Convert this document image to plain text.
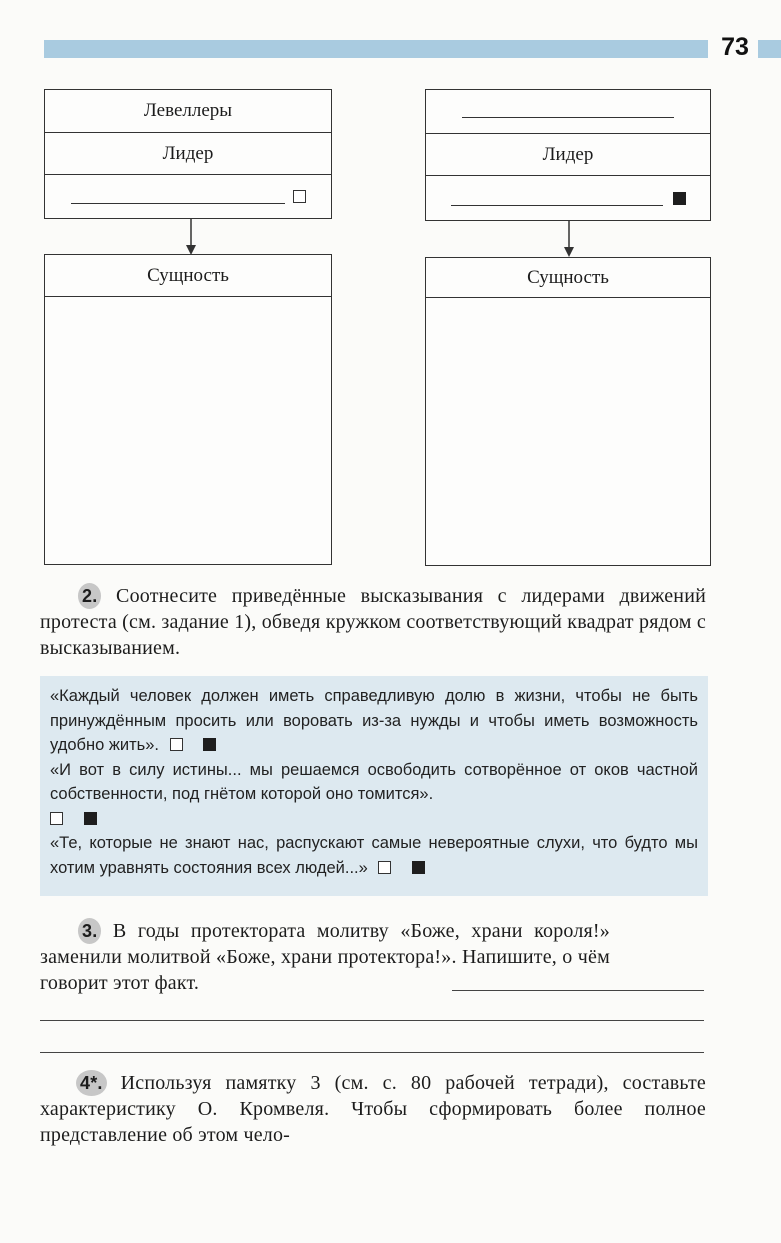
73
Левеллеры
Лидер
Сущность
Лидер
Сущность
2. Соотнесите приведённые высказывания с лидерами движений протеста (см. задание 1), обведя кружком соответствующий квадрат рядом с высказыванием.

«Каждый человек должен иметь справедливую долю в жизни, чтобы не быть принуждённым просить или воровать из-за нужды и чтобы иметь возможность удобно жить».

«И вот в силу истины... мы решаемся освободить сотворённое от оков частной собственности, под гнётом которой оно томится».

«Те, которые не знают нас, распускают самые невероятные слухи, что будто мы хотим уравнять состояния всех людей...»

3. В годы протектората молитву «Боже, храни короля!» заменили молитвой «Боже, храни протектора!». Напишите, о чём говорит этот факт.
4*. Используя памятку 3 (см. с. 80 рабочей тетради), составьте характеристику О. Кромвеля. Чтобы сформировать более полное представление об этом чело-
